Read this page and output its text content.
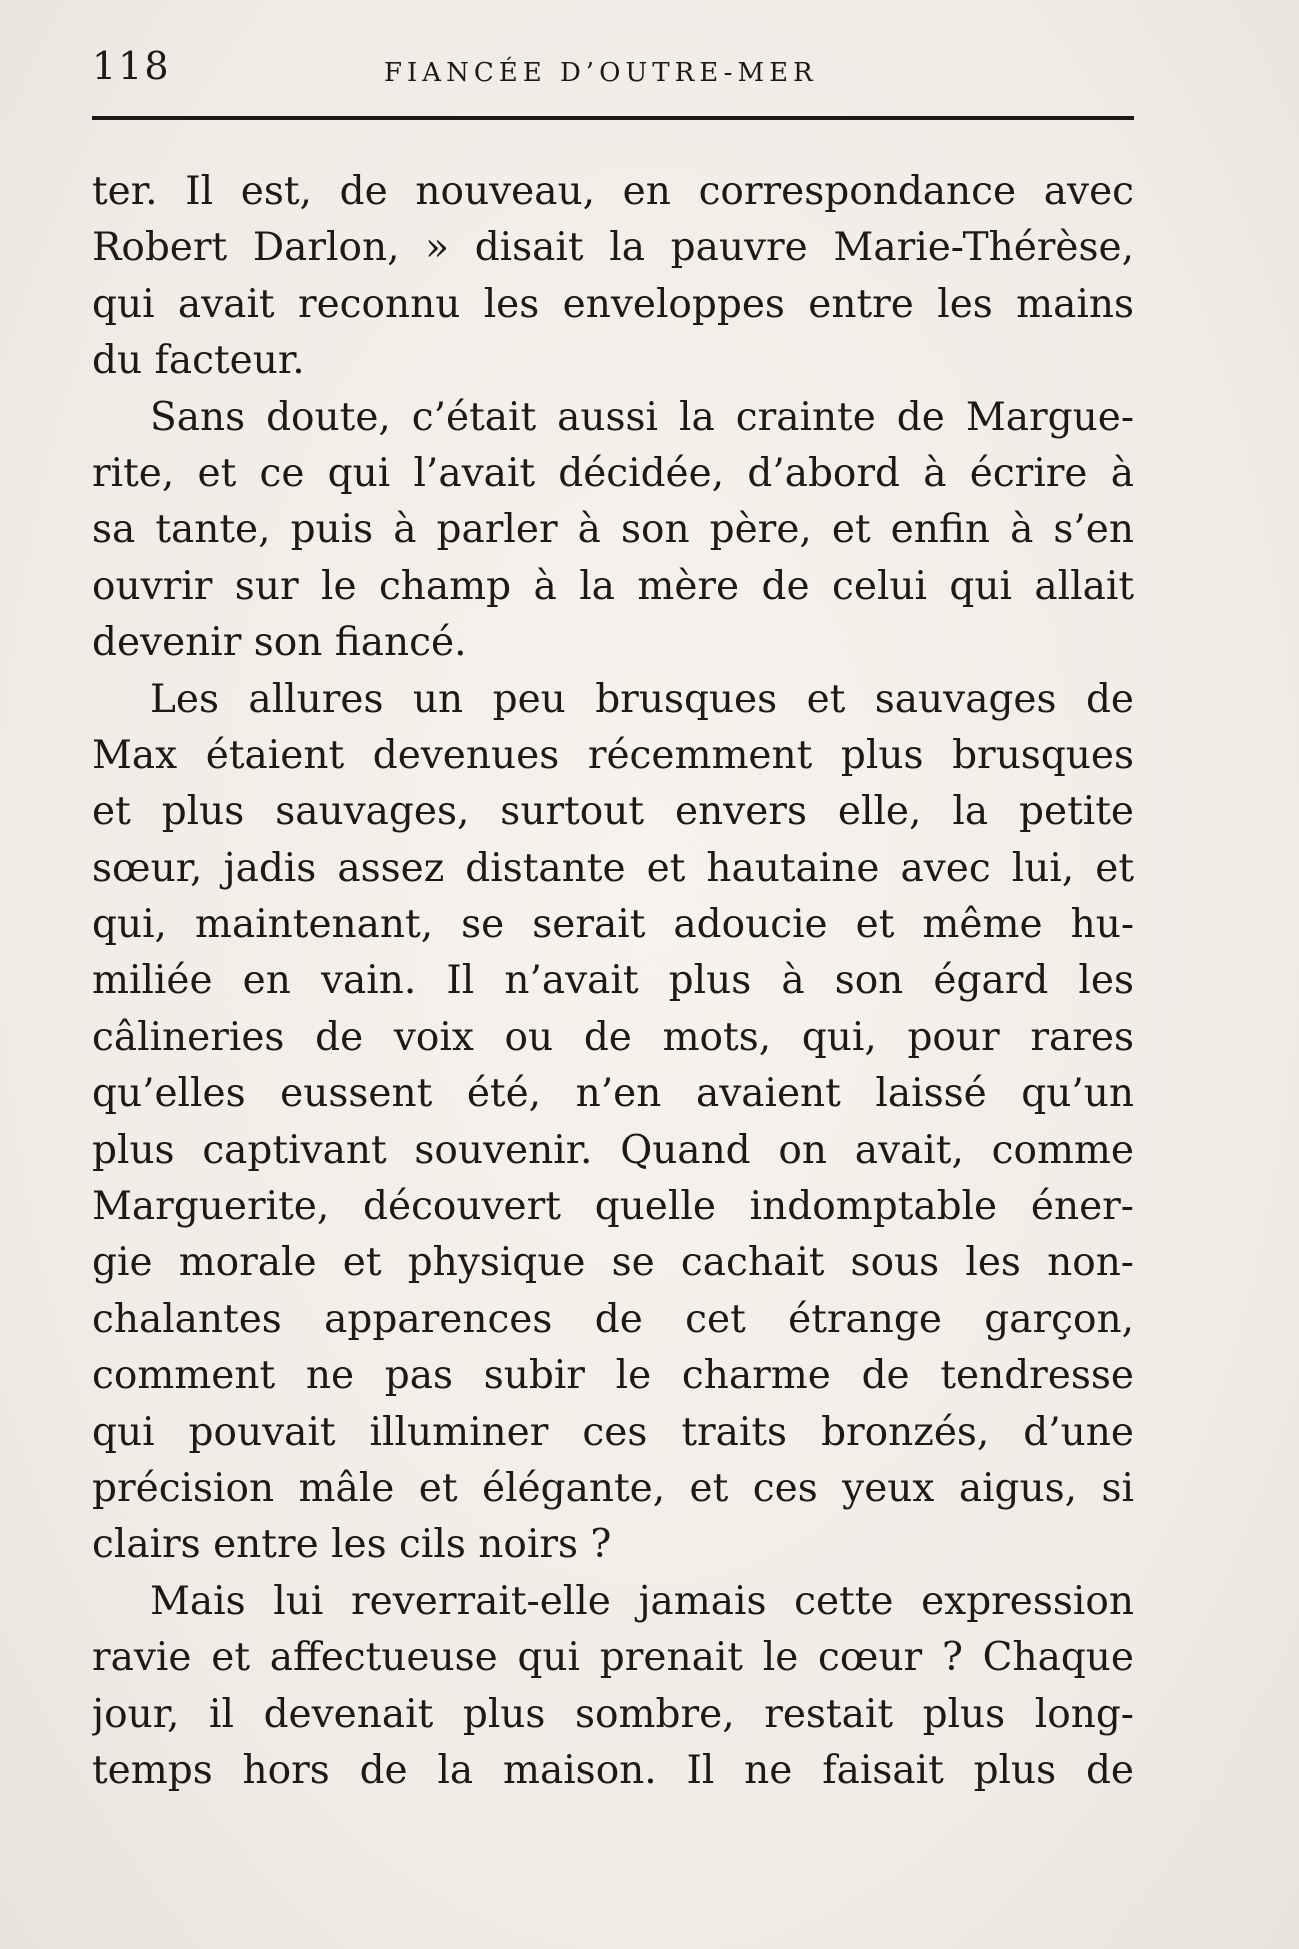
118	FIANCÉE D’OUTRE-MER
ter. Il est, de nouveau, en correspondance avec
Robert Darlon, » disait la pauvre Marie-Thérèse,
qui avait reconnu les enveloppes entre les mains
du facteur.
Sans doute, c’était aussi la crainte de Margue-
rite, et ce qui l’avait décidée, d’abord à écrire à
sa tante, puis à parler à son père, et enfin à s’en
ouvrir sur le champ à la mère de celui qui allait
devenir son fiancé.
Les allures un peu brusques et sauvages de
Max étaient devenues récemment plus brusques
et plus sauvages, surtout envers elle, la petite
sœur, jadis assez distante et hautaine avec lui, et
qui, maintenant, se serait adoucie et même hu-
miliée en vain. Il n’avait plus à son égard les
câlineries de voix ou de mots, qui, pour rares
qu’elles eussent été, n’en avaient laissé qu’un
plus captivant souvenir. Quand on avait, comme
Marguerite, découvert quelle indomptable éner-
gie morale et physique se cachait sous les non-
chalantes apparences de cet étrange garçon,
comment ne pas subir le charme de tendresse
qui pouvait illuminer ces traits bronzés, d’une
précision mâle et élégante, et ces yeux aigus, si
clairs entre les cils noirs ?
Mais lui reverrait-elle jamais cette expression
ravie et affectueuse qui prenait le cœur ? Chaque
jour, il devenait plus sombre, restait plus long-
temps hors de la maison. Il ne faisait plus de
